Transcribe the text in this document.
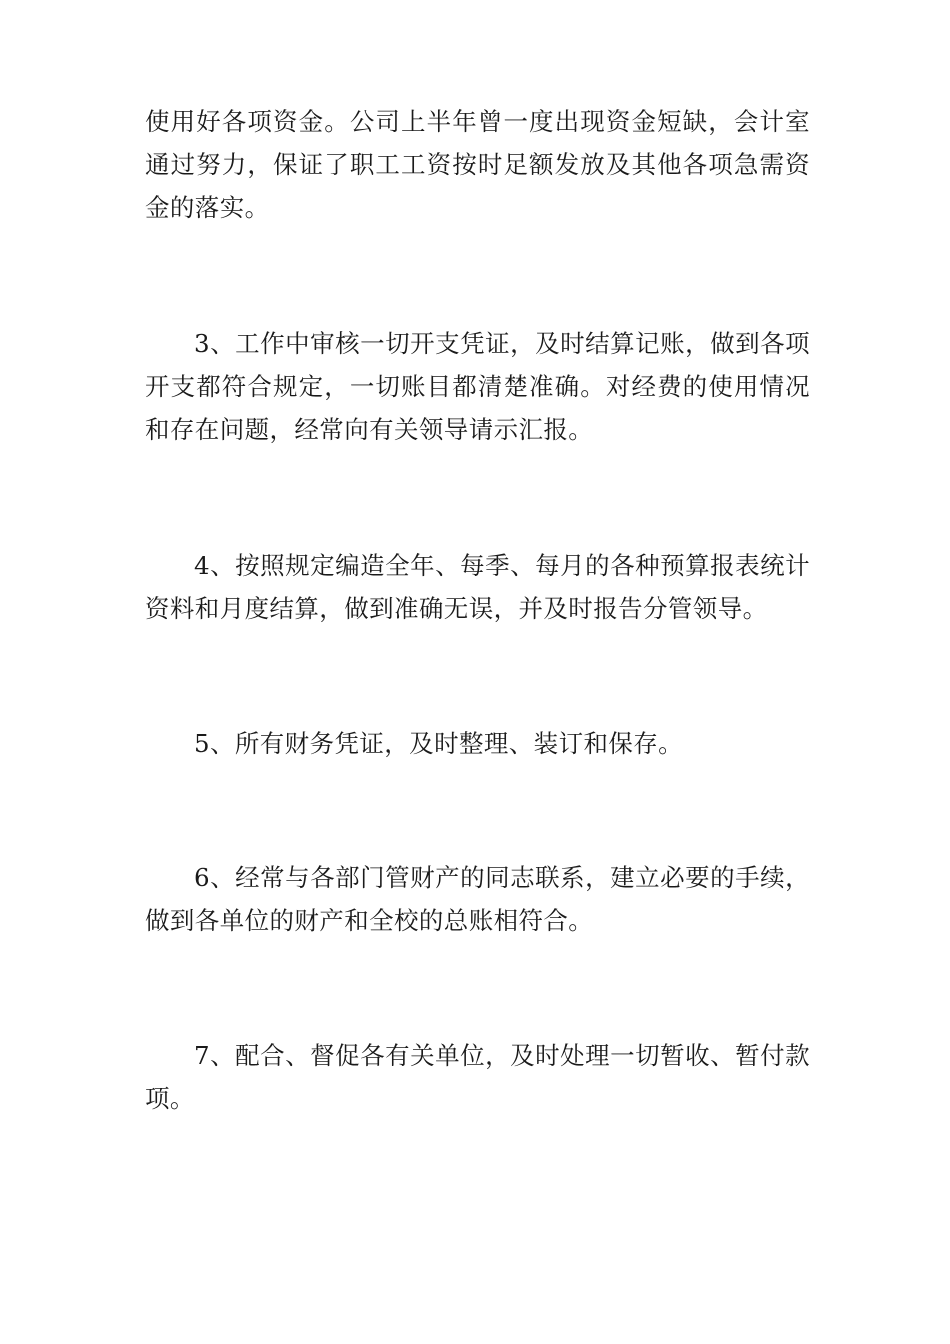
使用好各项资金。公司上半年曾一度出现资金短缺，会计室通过努力，保证了职工工资按时足额发放及其他各项急需资金的落实。

3、工作中审核一切开支凭证，及时结算记账，做到各项开支都符合规定，一切账目都清楚准确。对经费的使用情况和存在问题，经常向有关领导请示汇报。

4、按照规定编造全年、每季、每月的各种预算报表统计资料和月度结算，做到准确无误，并及时报告分管领导。

5、所有财务凭证，及时整理、装订和保存。

6、经常与各部门管财产的同志联系，建立必要的手续，做到各单位的财产和全校的总账相符合。

7、配合、督促各有关单位，及时处理一切暂收、暂付款项。
